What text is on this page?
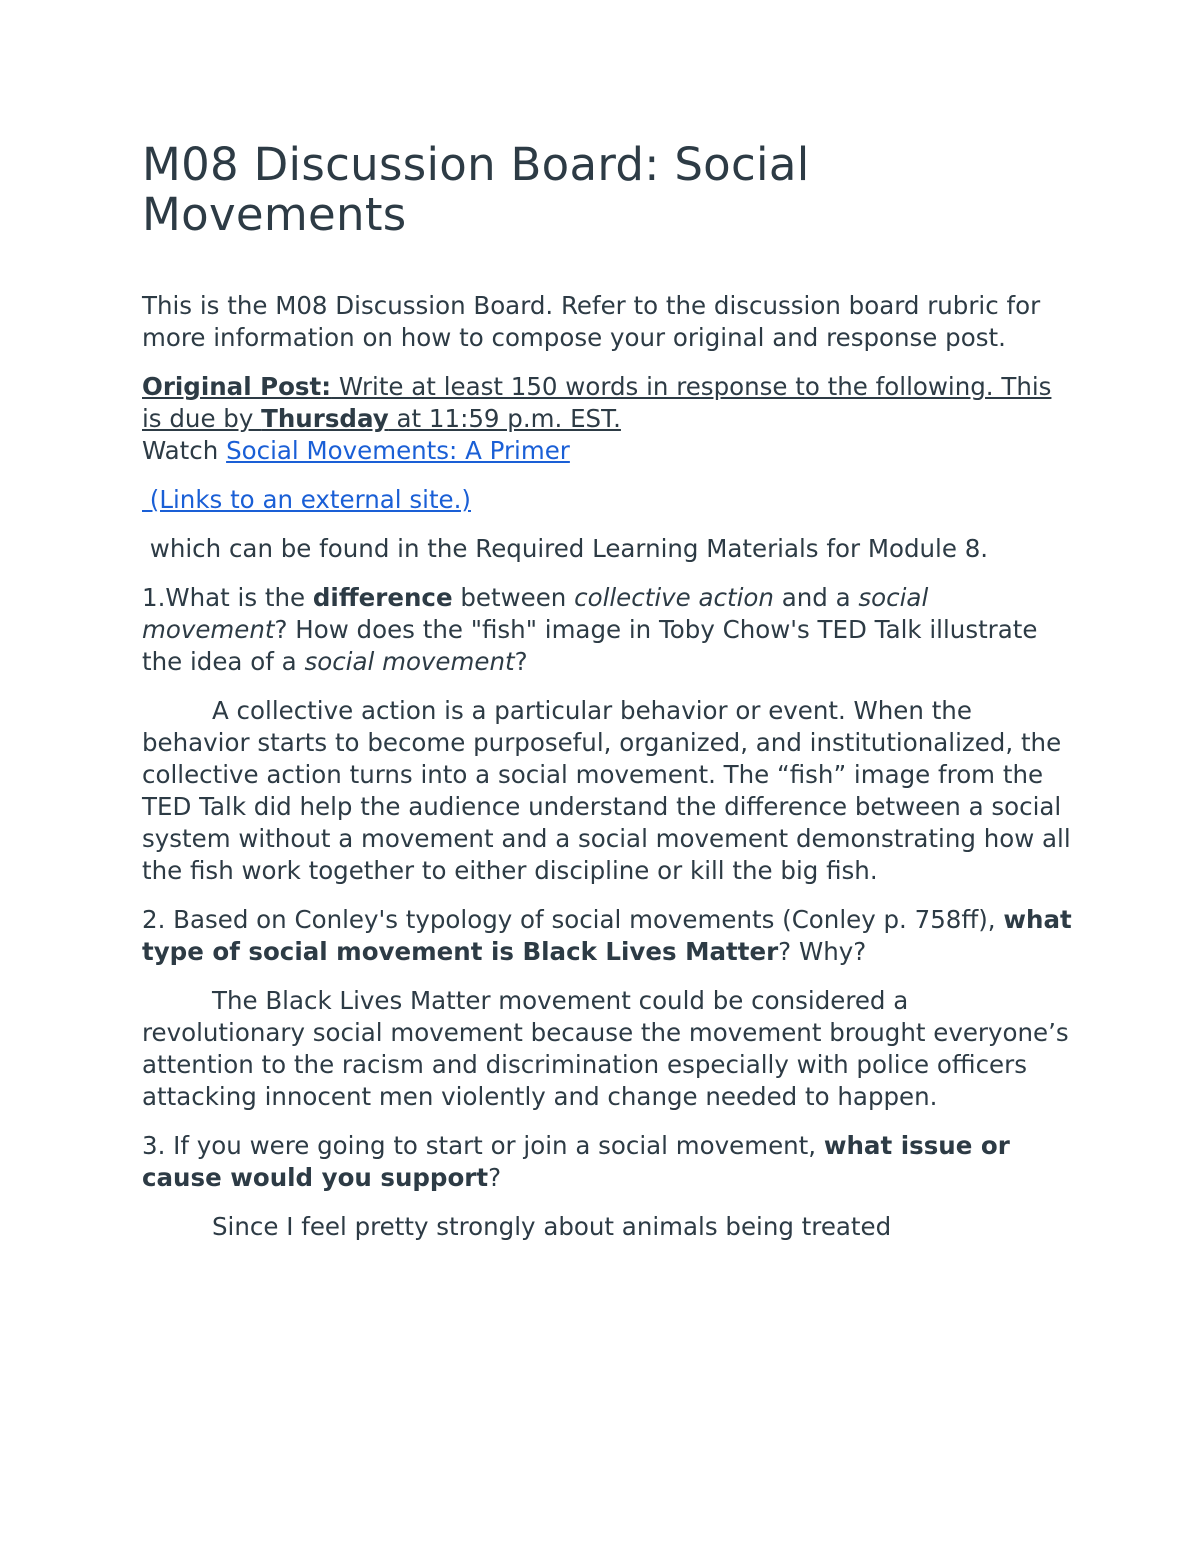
M08 Discussion Board: Social Movements

This is the M08 Discussion Board. Refer to the discussion board rubric for more information on how to compose your original and response post.

Original Post: Write at least 150 words in response to the following. This is due by Thursday at 11:59 p.m. EST.
Watch Social Movements: A Primer

(Links to an external site.)

which can be found in the Required Learning Materials for Module 8.

1.What is the difference between collective action and a social movement? How does the "fish" image in Toby Chow's TED Talk illustrate the idea of a social movement?

A collective action is a particular behavior or event. When the behavior starts to become purposeful, organized, and institutionalized, the collective action turns into a social movement. The “fish” image from the TED Talk did help the audience understand the difference between a social system without a movement and a social movement demonstrating how all the fish work together to either discipline or kill the big fish.

2. Based on Conley's typology of social movements (Conley p. 758ff), what type of social movement is Black Lives Matter? Why?

The Black Lives Matter movement could be considered a revolutionary social movement because the movement brought everyone’s attention to the racism and discrimination especially with police officers attacking innocent men violently and change needed to happen.

3. If you were going to start or join a social movement, what issue or cause would you support?

Since I feel pretty strongly about animals being treated
